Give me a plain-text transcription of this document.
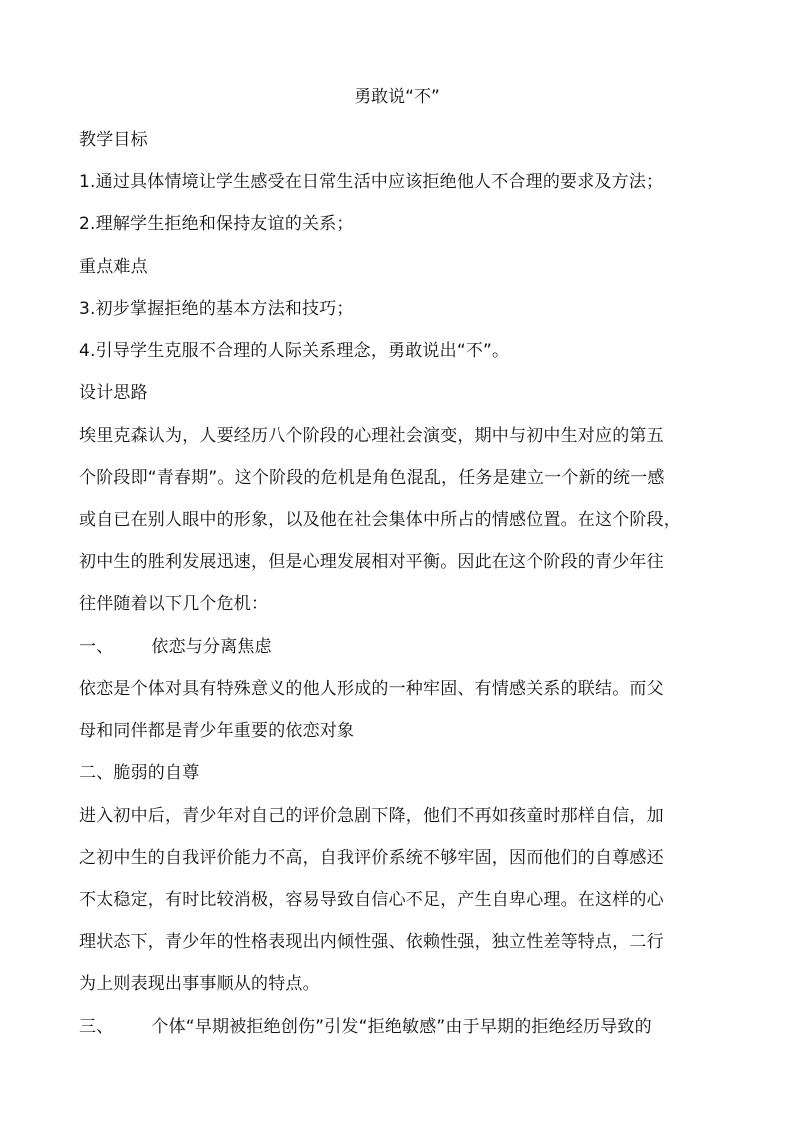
勇敢说“不”
教学目标
1.通过具体情境让学生感受在日常生活中应该拒绝他人不合理的要求及方法；
2.理解学生拒绝和保持友谊的关系；
重点难点
3.初步掌握拒绝的基本方法和技巧；
4.引导学生克服不合理的人际关系理念，勇敢说出“不”。
设计思路
埃里克森认为，人要经历八个阶段的心理社会演变，期中与初中生对应的第五
个阶段即“青春期”。这个阶段的危机是角色混乱，任务是建立一个新的统一感
或自已在别人眼中的形象，以及他在社会集体中所占的情感位置。在这个阶段，
初中生的胜利发展迅速，但是心理发展相对平衡。因此在这个阶段的青少年往
往伴随着以下几个危机：
一、 依恋与分离焦虑
依恋是个体对具有特殊意义的他人形成的一种牢固、有情感关系的联结。而父
母和同伴都是青少年重要的依恋对象
二、脆弱的自尊
进入初中后，青少年对自己的评价急剧下降，他们不再如孩童时那样自信，加
之初中生的自我评价能力不高，自我评价系统不够牢固，因而他们的自尊感还
不太稳定，有时比较消极，容易导致自信心不足，产生自卑心理。在这样的心
理状态下，青少年的性格表现出内倾性强、依赖性强，独立性差等特点，二行
为上则表现出事事顺从的特点。
三、 个体“早期被拒绝创伤”引发“拒绝敏感”由于早期的拒绝经历导致的
